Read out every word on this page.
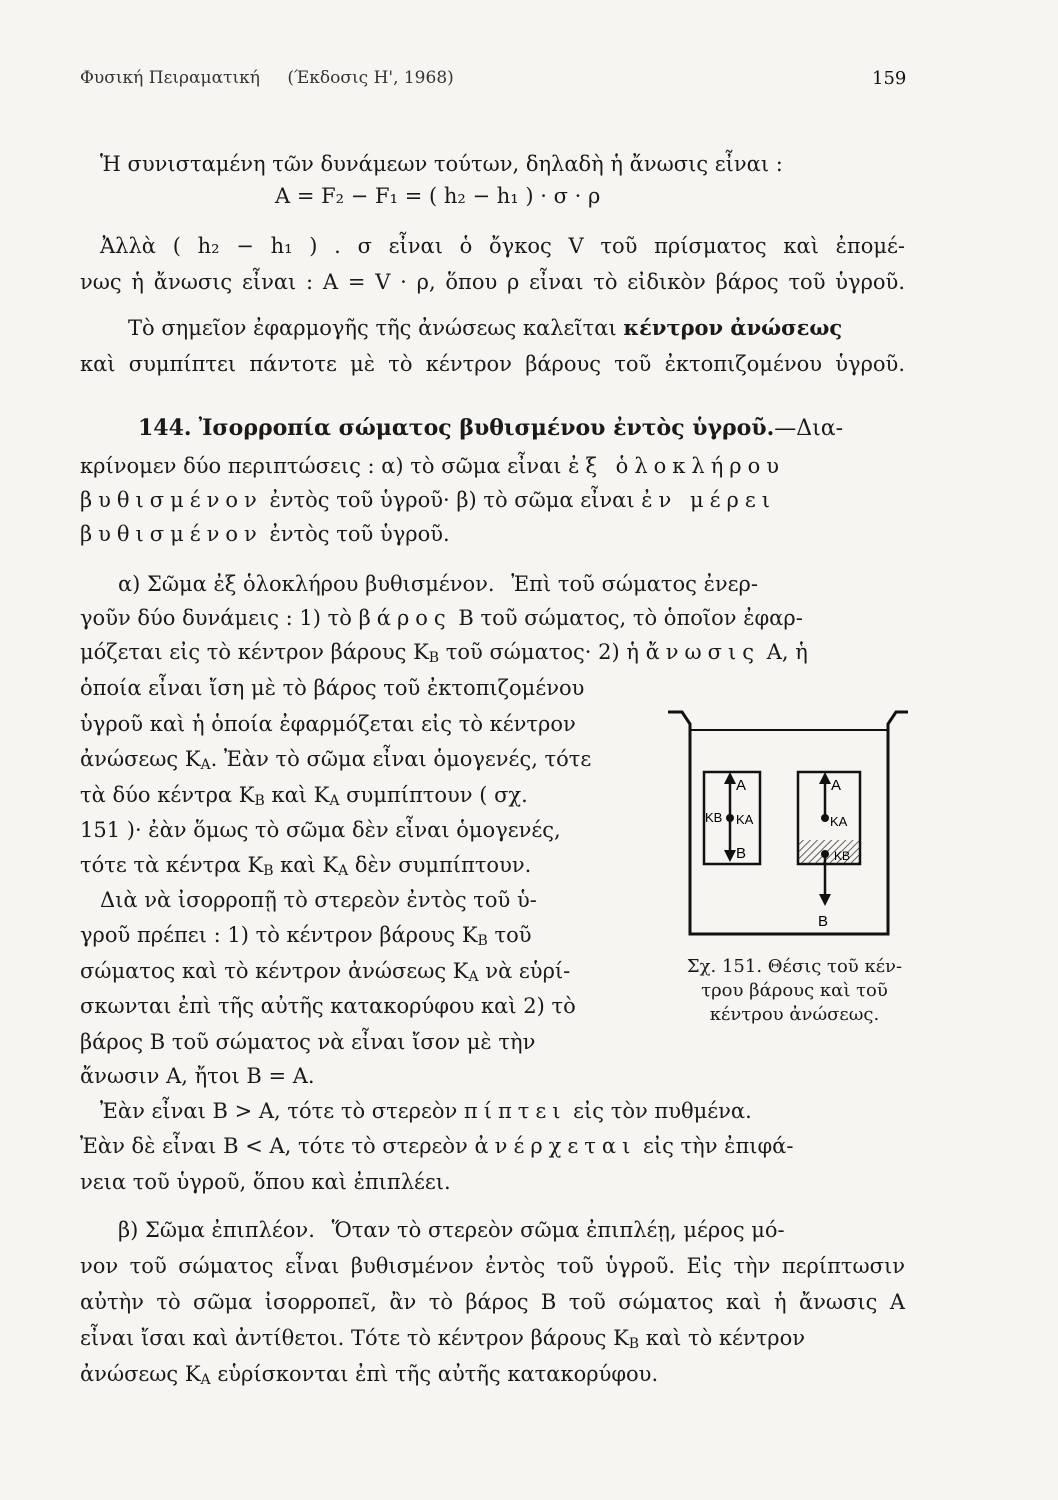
Φυσική Πειραματική (Έκδοσις Η', 1968)	159
Ἡ συνισταμένη τῶν δυνάμεων τούτων, δηλαδὴ ἡ ἄνωσις εἶναι :
A = F₂ − F₁ = ( h₂ − h₁ ) · σ · ρ
Ἀλλὰ ( h₂ − h₁ ) . σ εἶναι ὁ ὄγκος V τοῦ πρίσματος καὶ ἐπομέ-
νως ἡ ἄνωσις εἶναι : A = V · ρ, ὅπου ρ εἶναι τὸ εἰδικὸν βάρος τοῦ ὑγροῦ.
Τὸ σημεῖον ἐφαρμογῆς τῆς ἀνώσεως καλεῖται κέντρον ἀνώσεως
καὶ συμπίπτει πάντοτε μὲ τὸ κέντρον βάρους τοῦ ἐκτοπιζομένου ὑγροῦ.
144. Ἰσορροπία σώματος βυθισμένου ἐντὸς ὑγροῦ.—Δια-
κρίνομεν δύο περιπτώσεις : α) τὸ σῶμα εἶναι ἐξ ὁλοκλήρου
βυθισμένον ἐντὸς τοῦ ὑγροῦ· β) τὸ σῶμα εἶναι ἐν μέρει
βυθισμένον ἐντὸς τοῦ ὑγροῦ.
α) Σῶμα ἐξ ὁλοκλήρου βυθισμένον. Ἐπὶ τοῦ σώματος ἐνερ-
γοῦν δύο δυνάμεις : 1) τὸ βάρος B τοῦ σώματος, τὸ ὁποῖον ἐφαρ-
μόζεται εἰς τὸ κέντρον βάρους $K_B$ τοῦ σώματος· 2) ἡ ἄνωσις A, ἡ
ὁποία εἶναι ἴση μὲ τὸ βάρος τοῦ ἐκτοπιζομένου
ὑγροῦ καὶ ἡ ὁποία ἐφαρμόζεται εἰς τὸ κέντρον
ἀνώσεως $K_A$. Ἐὰν τὸ σῶμα εἶναι ὁμογενές, τότε
τὰ δύο κέντρα $K_B$ καὶ $K_A$ συμπίπτουν ( σχ.
151 )· ἐὰν ὅμως τὸ σῶμα δὲν εἶναι ὁμογενές,
τότε τὰ κέντρα $K_B$ καὶ $K_A$ δὲν συμπίπτουν.
Διὰ νὰ ἰσορροπῇ τὸ στερεὸν ἐντὸς τοῦ ὑ-
γροῦ πρέπει : 1) τὸ κέντρον βάρους $K_B$ τοῦ
σώματος καὶ τὸ κέντρον ἀνώσεως $K_A$ νὰ εὑρί-
σκωνται ἐπὶ τῆς αὐτῆς κατακορύφου καὶ 2) τὸ
βάρος B τοῦ σώματος νὰ εἶναι ἴσον μὲ τὴν
ἄνωσιν A, ἤτοι B = A.
Ἐὰν εἶναι B > A, τότε τὸ στερεὸν πίπτει εἰς τὸν πυθμένα.
Ἐὰν δὲ εἶναι B < A, τότε τὸ στερεὸν ἀνέρχεται εἰς τὴν ἐπιφά-
νεια τοῦ ὑγροῦ, ὅπου καὶ ἐπιπλέει.
β) Σῶμα ἐπιπλέον. Ὅταν τὸ στερεὸν σῶμα ἐπιπλέῃ, μέρος μό-
νον τοῦ σώματος εἶναι βυθισμένον ἐντὸς τοῦ ὑγροῦ. Εἰς τὴν περίπτωσιν
αὐτὴν τὸ σῶμα ἰσορροπεῖ, ἂν τὸ βάρος B τοῦ σώματος καὶ ἡ ἄνωσις A
εἶναι ἴσαι καὶ ἀντίθετοι. Τότε τὸ κέντρον βάρους $K_B$ καὶ τὸ κέντρον
ἀνώσεως $K_A$ εὑρίσκονται ἐπὶ τῆς αὐτῆς κατακορύφου.
A
KB KA
B
A
KA
KB
B
Σχ. 151. Θέσις τοῦ κέν-
τρου βάρους καὶ τοῦ
κέντρου ἀνώσεως.
